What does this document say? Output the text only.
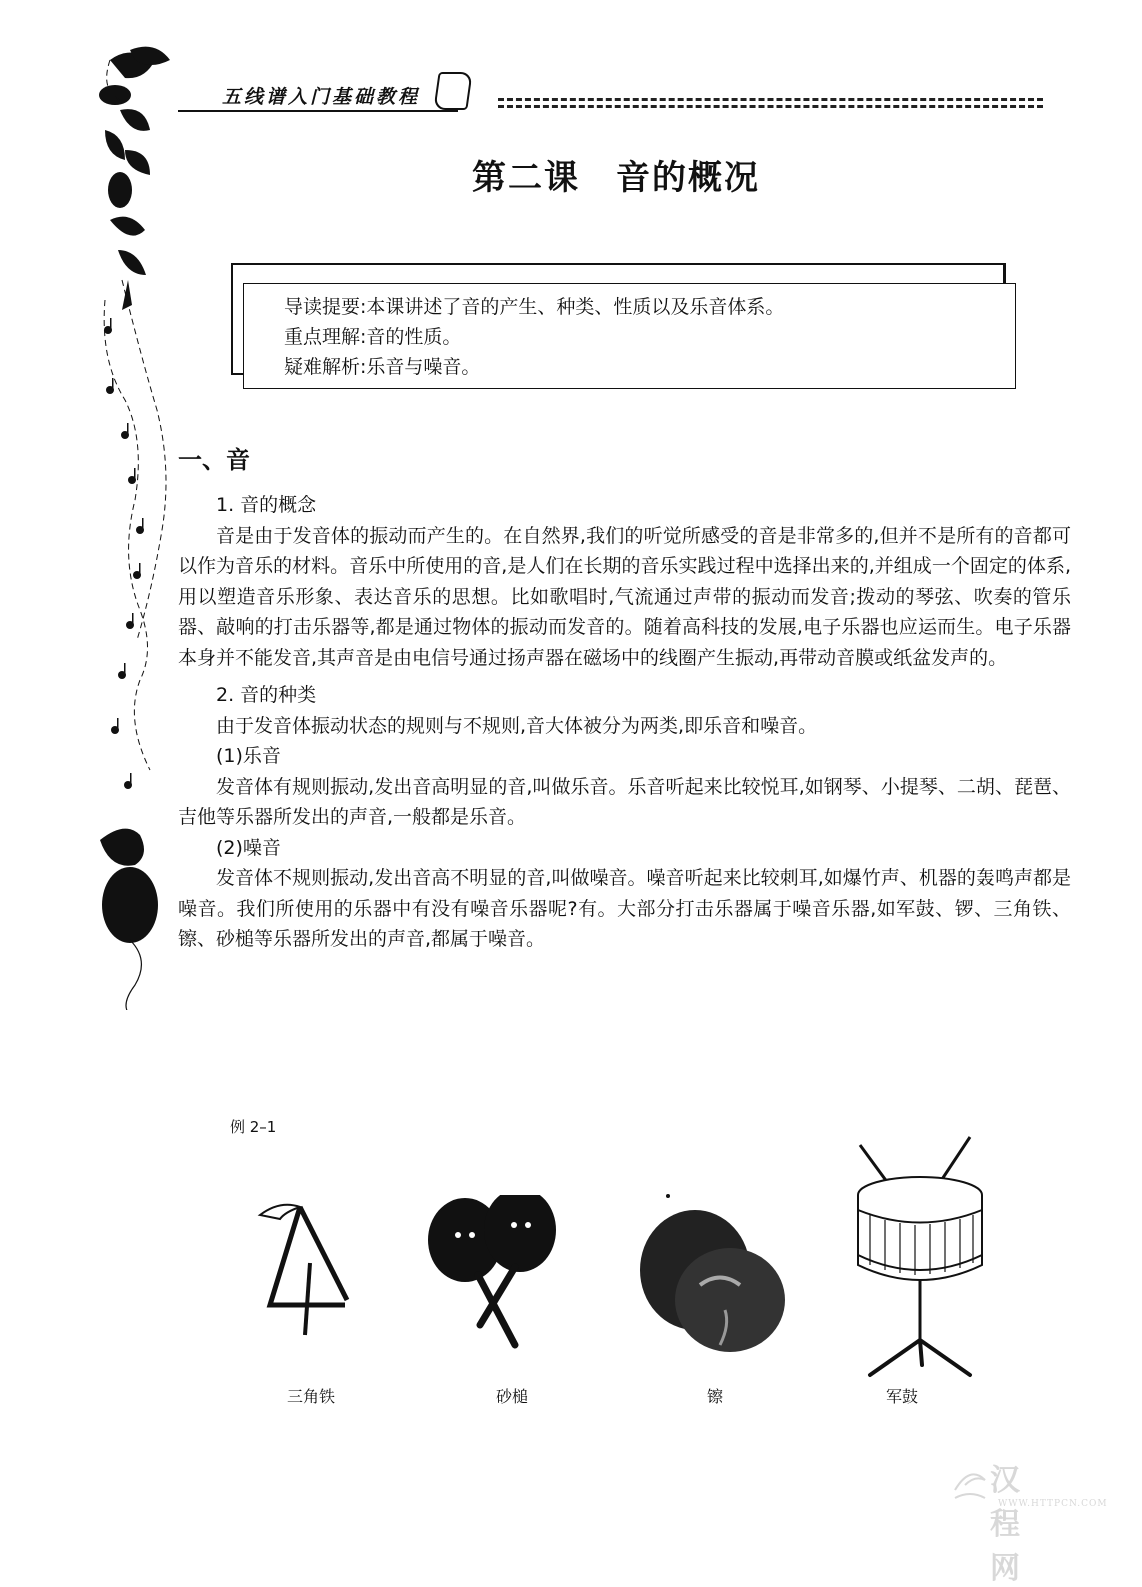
五线谱入门基础教程
第二课　音的概况
导读提要:本课讲述了音的产生、种类、性质以及乐音体系。
重点理解:音的性质。
疑难解析:乐音与噪音。
一、音

1. 音的概念

音是由于发音体的振动而产生的。在自然界,我们的听觉所感受的音是非常多的,但并不是所有的音都可以作为音乐的材料。音乐中所使用的音,是人们在长期的音乐实践过程中选择出来的,并组成一个固定的体系,用以塑造音乐形象、表达音乐的思想。比如歌唱时,气流通过声带的振动而发音;拨动的琴弦、吹奏的管乐器、敲响的打击乐器等,都是通过物体的振动而发音的。随着高科技的发展,电子乐器也应运而生。电子乐器本身并不能发音,其声音是由电信号通过扬声器在磁场中的线圈产生振动,再带动音膜或纸盆发声的。

2. 音的种类

由于发音体振动状态的规则与不规则,音大体被分为两类,即乐音和噪音。

(1)乐音

发音体有规则振动,发出音高明显的音,叫做乐音。乐音听起来比较悦耳,如钢琴、小提琴、二胡、琵琶、吉他等乐器所发出的声音,一般都是乐音。

(2)噪音

发音体不规则振动,发出音高不明显的音,叫做噪音。噪音听起来比较刺耳,如爆竹声、机器的轰鸣声都是噪音。我们所使用的乐器中有没有噪音乐器呢?有。大部分打击乐器属于噪音乐器,如军鼓、锣、三角铁、镲、砂槌等乐器所发出的声音,都属于噪音。

例 2–1
三角铁	砂槌	镲	军鼓
汉程网
WWW.HTTPCN.COM
